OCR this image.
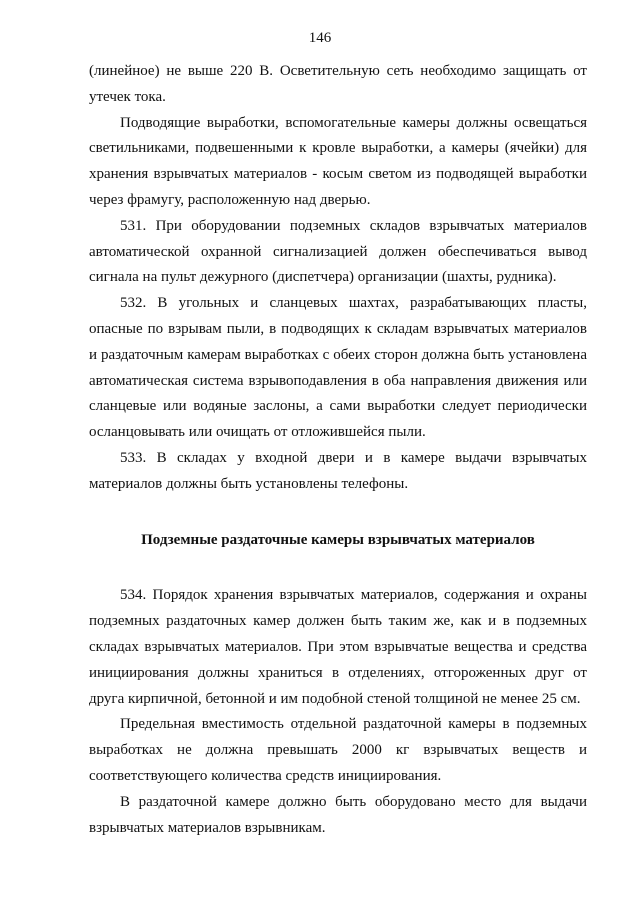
146

(линейное) не выше 220 В. Осветительную сеть необходимо защищать от утечек тока.

Подводящие выработки, вспомогательные камеры должны освещаться светильниками, подвешенными к кровле выработки, а камеры (ячейки) для хранения взрывчатых материалов - косым светом из подводящей выработки через фрамугу, расположенную над дверью.

531. При оборудовании подземных складов взрывчатых материалов автоматической охранной сигнализацией должен обеспечиваться вывод сигнала на пульт дежурного (диспетчера) организации (шахты, рудника).

532. В угольных и сланцевых шахтах, разрабатывающих пласты, опасные по взрывам пыли, в подводящих к складам взрывчатых материалов и раздаточным камерам выработках с обеих сторон должна быть установлена автоматическая система взрывоподавления в оба направления движения или сланцевые или водяные заслоны, а сами выработки следует периодически осланцовывать или очищать от отложившейся пыли.

533. В складах у входной двери и в камере выдачи взрывчатых материалов должны быть установлены телефоны.

Подземные раздаточные камеры взрывчатых материалов

534. Порядок хранения взрывчатых материалов, содержания и охраны подземных раздаточных камер должен быть таким же, как и в подземных складах взрывчатых материалов. При этом взрывчатые вещества и средства инициирования должны храниться в отделениях, отгороженных друг от друга кирпичной, бетонной и им подобной стеной толщиной не менее 25 см.

Предельная вместимость отдельной раздаточной камеры в подземных выработках не должна превышать 2000 кг взрывчатых веществ и соответствующего количества средств инициирования.

В раздаточной камере должно быть оборудовано место для выдачи взрывчатых материалов взрывникам.
